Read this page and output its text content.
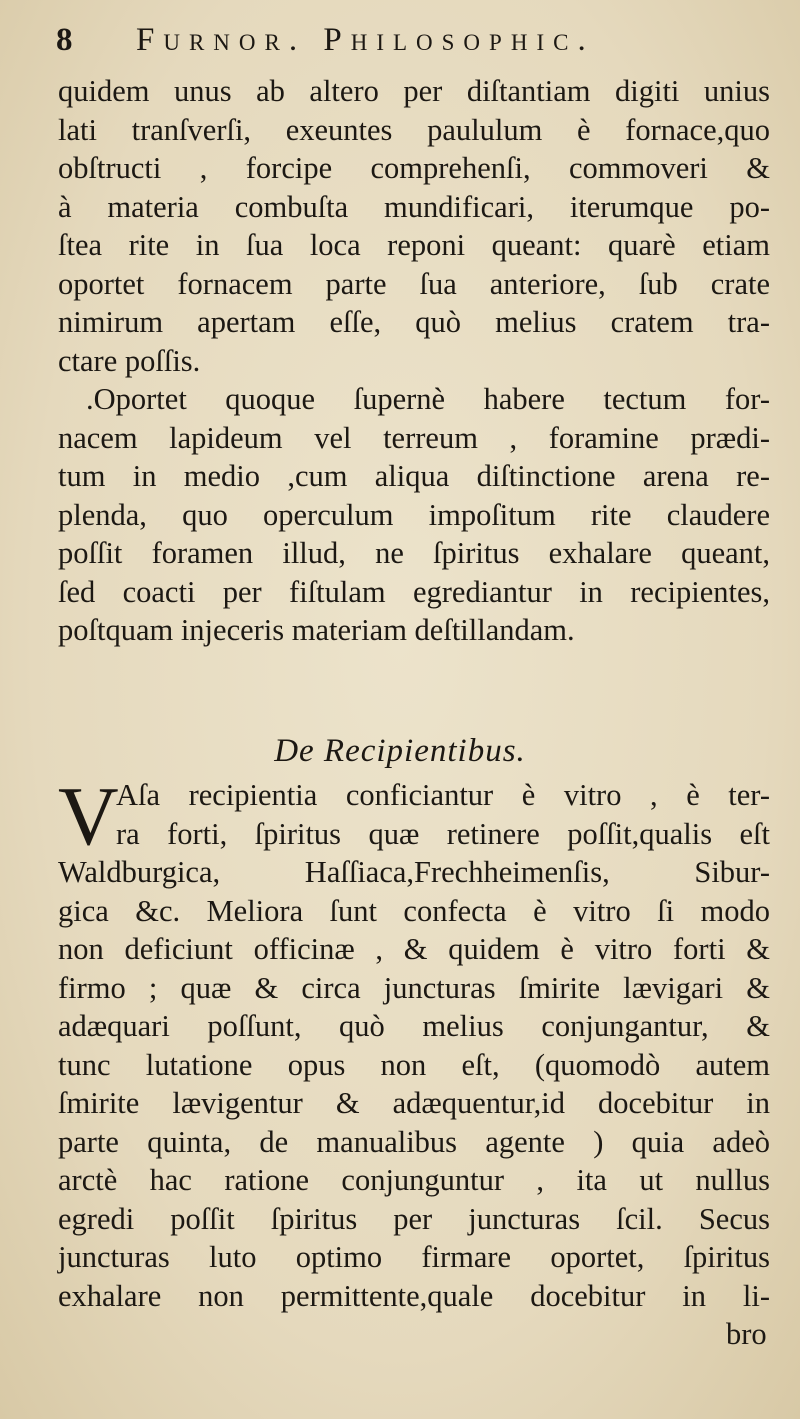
8 Furnor. Philosophic.
quidem unus ab altero per diſtantiam digiti unius
lati tranſverſi, exeuntes paululum è fornace,quo
obſtructi , forcipe comprehenſi, commoveri &
à materia combuſta mundificari, iterumque po-
ſtea rite in ſua loca reponi queant: quarè etiam
oportet fornacem parte ſua anteriore, ſub crate
nimirum apertam eſſe, quò melius cratem tra-
ctare poſſis.
.Oportet quoque ſupernè habere tectum for-
nacem lapideum vel terreum , foramine prædi-
tum in medio ,cum aliqua diſtinctione arena re-
plenda, quo operculum impoſitum rite claudere
poſſit foramen illud, ne ſpiritus exhalare queant,
ſed coacti per fiſtulam egrediantur in recipientes,
poſtquam injeceris materiam deſtillandam.
De Recipientibus.
V
Aſa recipientia conficiantur è vitro , è ter-
ra forti, ſpiritus quæ retinere poſſit,qualis eſt
Waldburgica, Haſſiaca,Frechheimenſis, Sibur-
gica &c. Meliora ſunt confecta è vitro ſi modo
non deficiunt officinæ , & quidem è vitro forti &
firmo ; quæ & circa juncturas ſmirite lævigari &
adæquari poſſunt, quò melius conjungantur, &
tunc lutatione opus non eſt, (quomodò autem
ſmirite lævigentur & adæquentur,id docebitur in
parte quinta, de manualibus agente ) quia adeò
arctè hac ratione conjunguntur , ita ut nullus
egredi poſſit ſpiritus per juncturas ſcil. Secus
juncturas luto optimo firmare oportet, ſpiritus
exhalare non permittente,quale docebitur in li-
bro
